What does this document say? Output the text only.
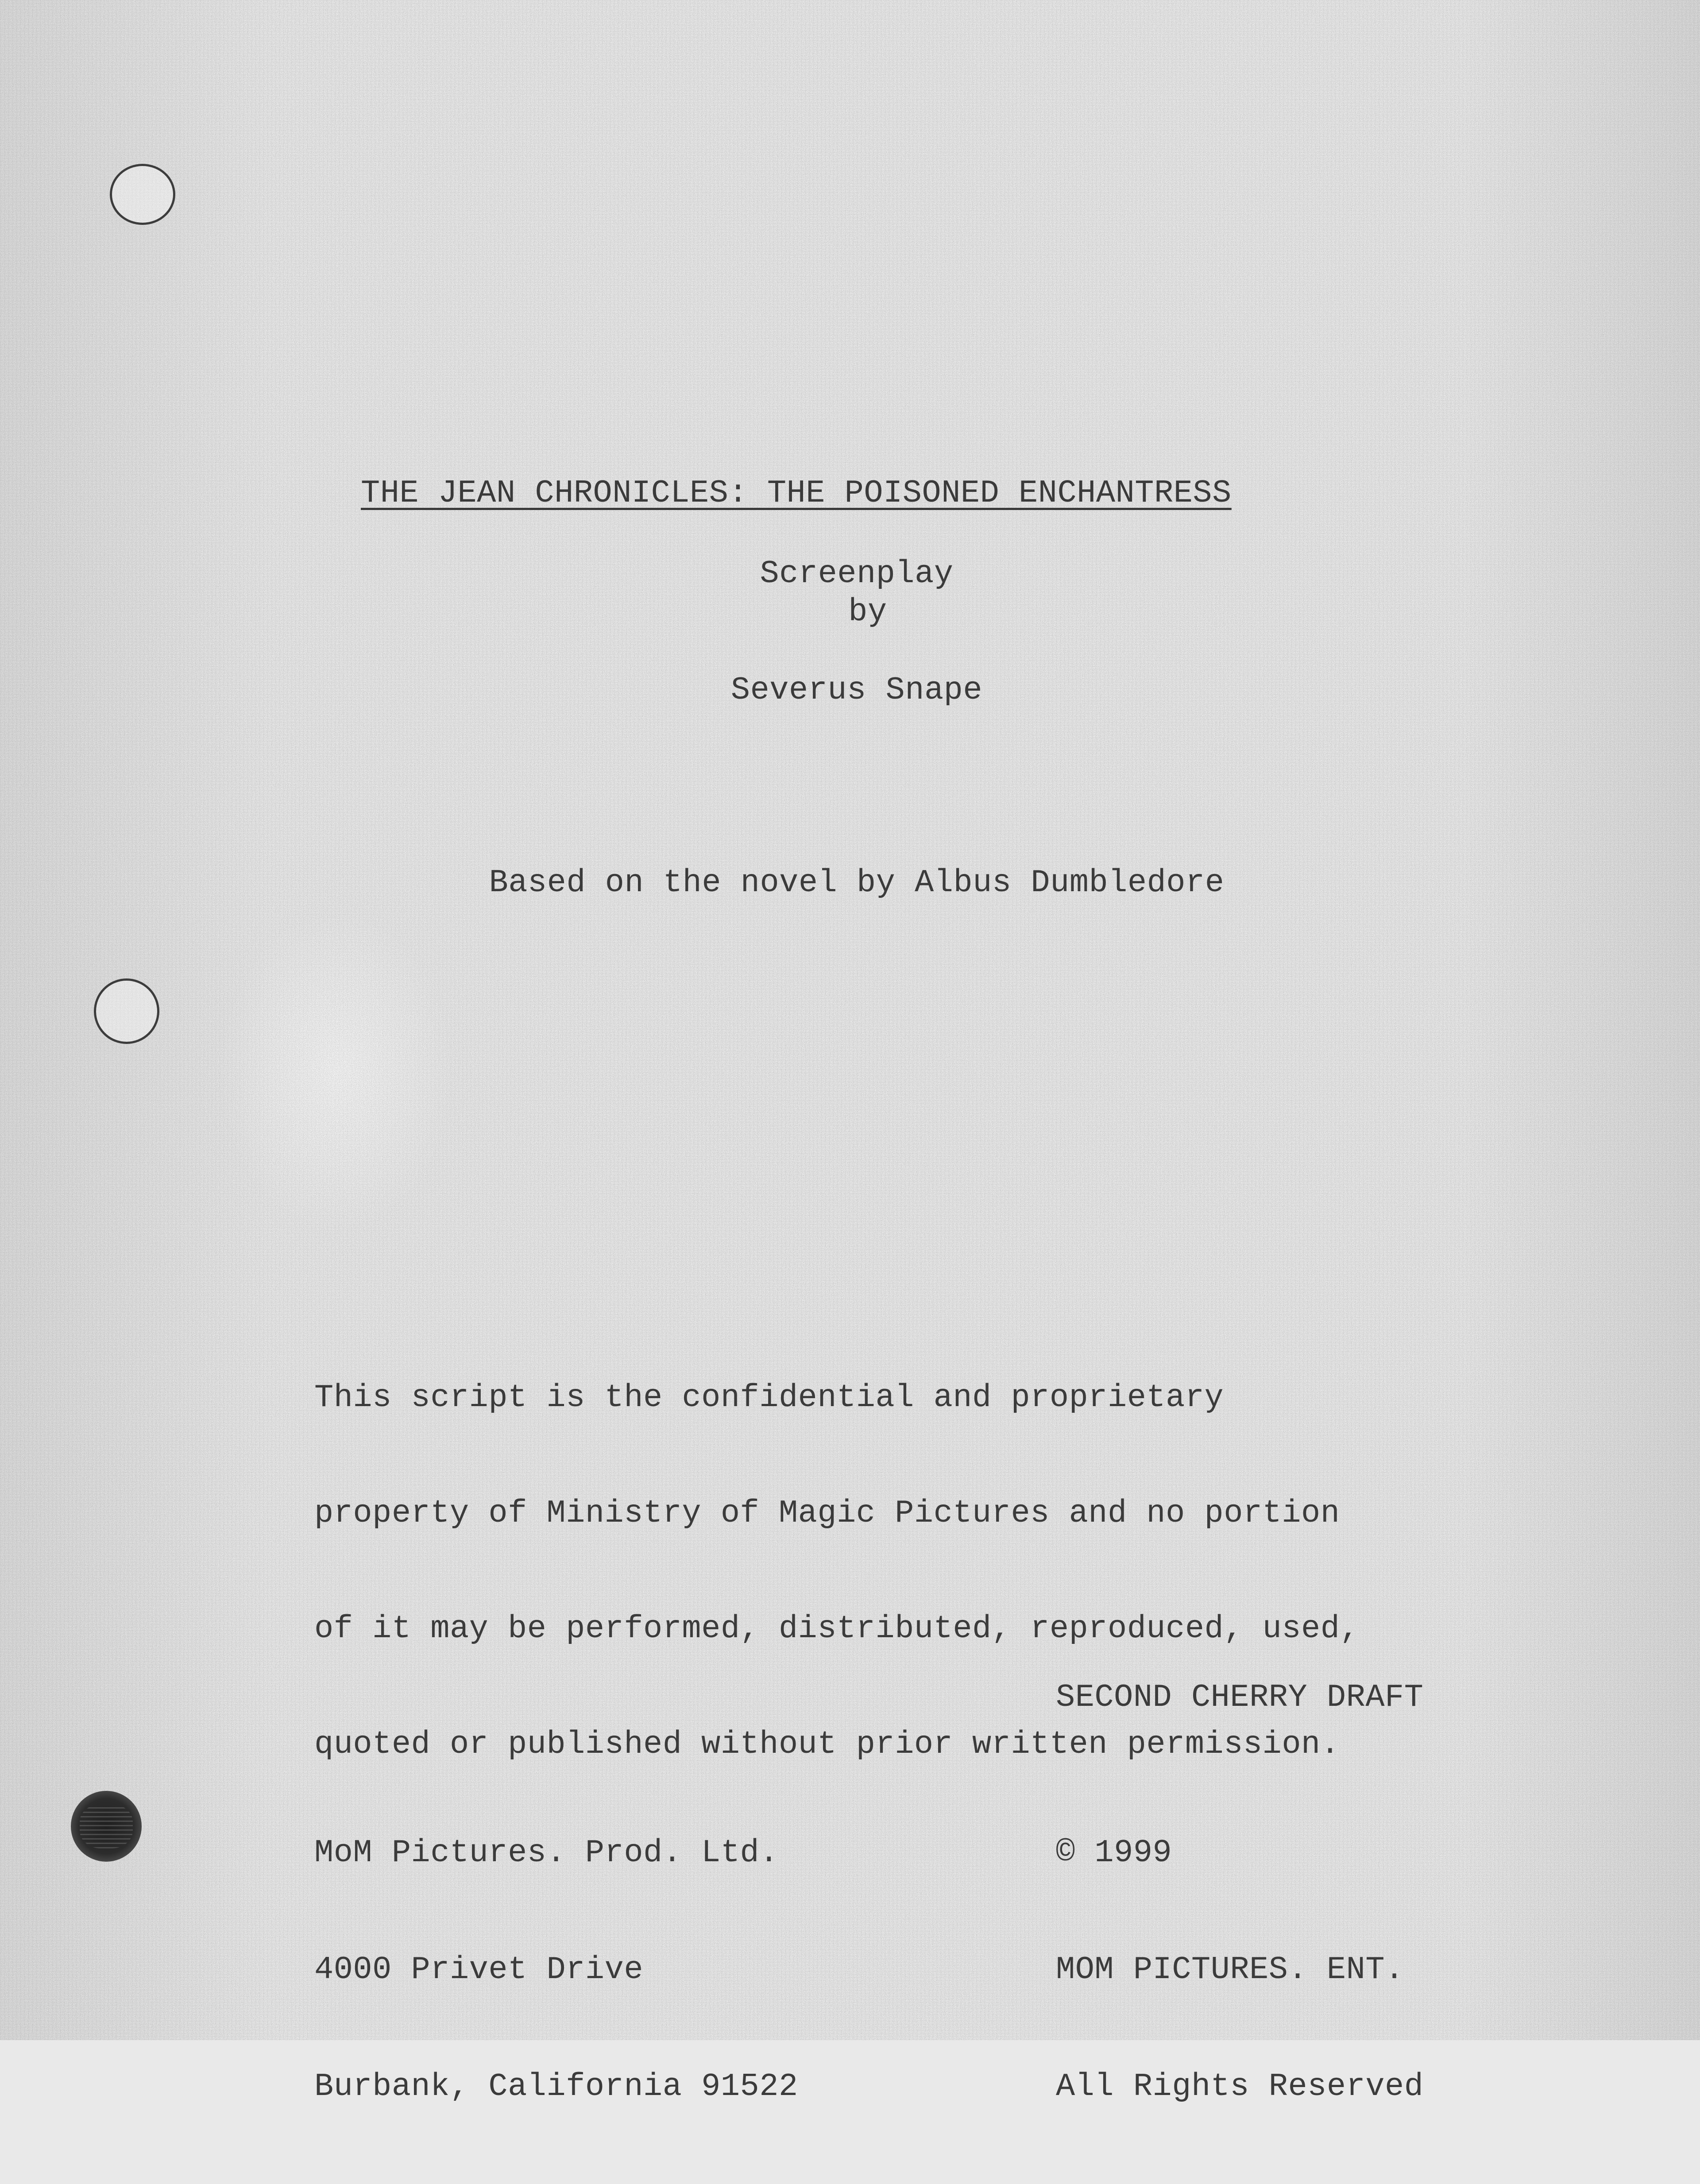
THE JEAN CHRONICLES: THE POISONED ENCHANTRESS
Screenplay
by
Severus Snape
Based on the novel by Albus Dumbledore

This script is the confidential and proprietary

property of Ministry of Magic Pictures and no portion

of it may be performed, distributed, reproduced, used,

quoted or published without prior written permission.

SECOND CHERRY DRAFT

MoM Pictures. Prod. Ltd.

4000 Privet Drive

Burbank, California 91522

© 1999

MOM PICTURES. ENT.

All Rights Reserved
